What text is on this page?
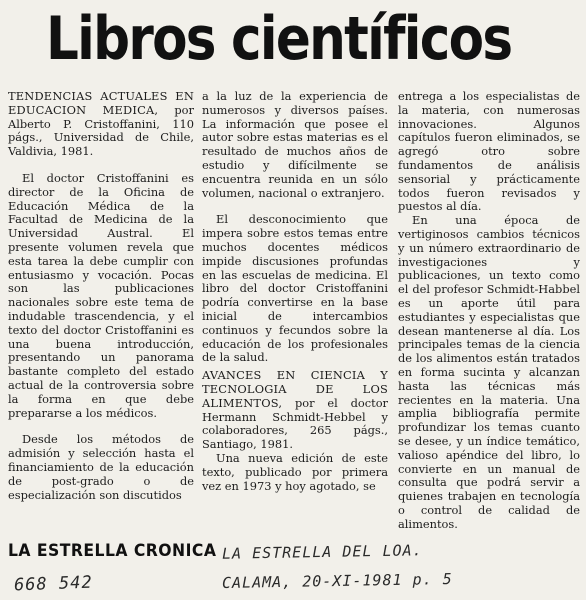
Libros científicos

TENDENCIAS ACTUALES EN EDUCACION MEDICA, por Alberto P. Cristoffanini, 110 págs., Universidad de Chile, Valdivia, 1981.

El doctor Cristoffanini es director de la Oficina de Educación Médica de la Facultad de Medicina de la Universidad Austral. El presente volumen revela que esta tarea la debe cumplir con entusiasmo y vocación. Pocas son las publicaciones nacionales sobre este tema de indudable trascendencia, y el texto del doctor Cristoffanini es una buena introducción, presentando un panorama bastante completo del estado actual de la controversia sobre la forma en que debe prepararse a los médicos.

Desde los métodos de admisión y selección hasta el financiamiento de la educación de post-grado o de especialización son discutidos

a la luz de la experiencia de numerosos y diversos países. La información que posee el autor sobre estas materias es el resultado de muchos años de estudio y difícilmente se encuentra reunida en un sólo volumen, nacional o extranjero.

El desconocimiento que impera sobre estos temas entre muchos docentes médicos impide discusiones profundas en las escuelas de medicina. El libro del doctor Cristoffanini podría convertirse en la base inicial de intercambios continuos y fecundos sobre la educación de los profesionales de la salud.

AVANCES EN CIENCIA Y TECNOLOGIA DE LOS ALIMENTOS, por el doctor Hermann Schmidt-Hebbel y colaboradores, 265 págs., Santiago, 1981.

Una nueva edición de este texto, publicado por primera vez en 1973 y hoy agotado, se

entrega a los especialistas de la materia, con numerosas innovaciones. Algunos capítulos fueron eliminados, se agregó otro sobre fundamentos de análisis sensorial y prácticamente todos fueron revisados y puestos al día.

En una época de vertiginosos cambios técnicos y un número extraordinario de investigaciones y publicaciones, un texto como el del profesor Schmidt-Habbel es un aporte útil para estudiantes y especialistas que desean mantenerse al día. Los principales temas de la ciencia de los alimentos están tratados en forma sucinta y alcanzan hasta las técnicas más recientes en la materia. Una amplia bibliografía permite profundizar los temas cuanto se desee, y un índice temático, valioso apéndice del libro, lo convierte en un manual de consulta que podrá servir a quienes trabajen en tecnología o control de calidad de alimentos.

LA ESTRELLA CRONICA LA ESTRELLA DEL LOA.
CALAMA, 20-XI-1981 p. 5
668 542
